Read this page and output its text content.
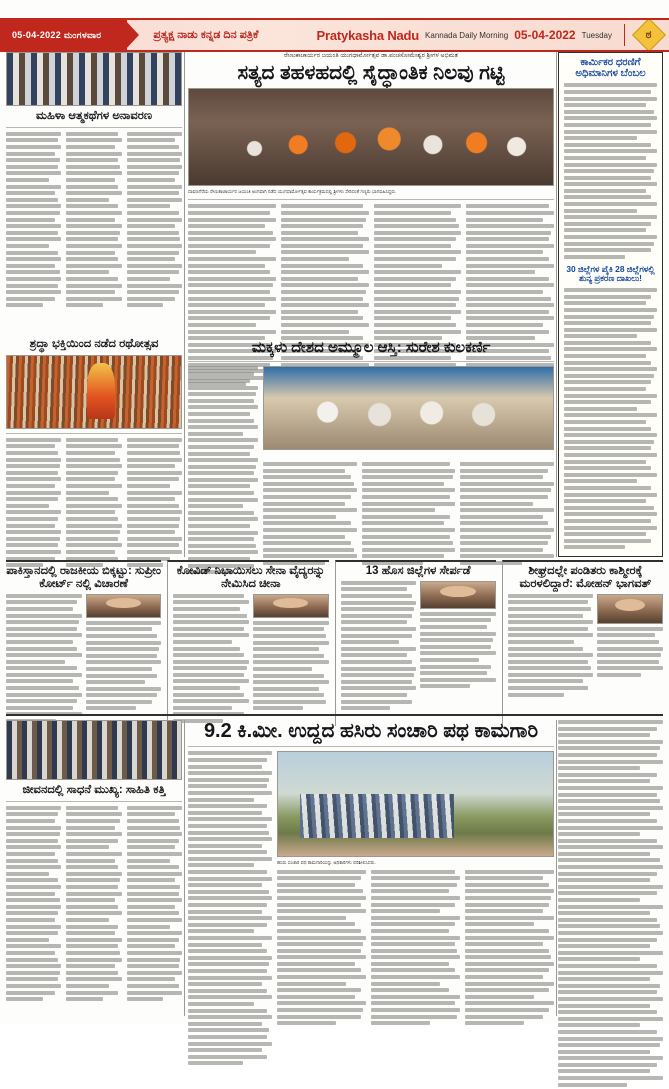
05-04-2022 ಮಂಗಳವಾರ	ಪ್ರತ್ಯಕ್ಷ ನಾಡು ಕನ್ನಡ ದಿನ ಪತ್ರಿಕೆ	Pratykasha Nadu Kannada Daily Morning 05-04-2022 Tuesday	ಠ
ಮಹಿಳಾ ಆತ್ಮಕಥೆಗಳ ಅನಾವರಣ
ಶ್ರದ್ಧಾ ಭಕ್ತಿಯಿಂದ ನಡೆದ ರಥೋತ್ಸವ
ರೇಣುಕಾಚಾರ್ಯರ ಜಯಂತಿ ಯುಗಧಾರ್ಮೋತ್ಸವ ಡಾ.ಪಂಚಸೋಮೇಶ್ವರ ಶ್ರೀಗಳ ಅಭಿಮತ
ಸತ್ಯದ ತಹಳಹದಲ್ಲಿ ಸೈದ್ಧಾಂತಿಕ ನಿಲವು ಗಟ್ಟಿ
ದಾವಣಗೆರೆಯ ರೇಣುಕಾಚಾರ್ಯರ ಜಯಂತಿ ಅಂಗವಾಗಿ ನಡೆದ ಯುಗಧಾರ್ಮೋತ್ಸವ ಕಾರ್ಯಕ್ರಮದಲ್ಲಿ ಶ್ರೀಗಳು ಸೇರಿದಂತೆ ಗಣ್ಯರು ಭಾಗವಹಿಸಿದ್ದರು.
ಮಕ್ಕಳು ದೇಶದ ಅಮ್ಮೂಲ ಆಸ್ತಿ: ಸುರೇಶ ಕುಲಕರ್ಣಿ

ಕಾರ್ಮಿಕರ ಧರಣಿಗೆ ಅಧಿಮಾನಿಗಳ ಬೆಂಬಲ
30 ಜಿಲ್ಲೆಗಳ ಪೈಕಿ 28 ಜಿಲ್ಲೆಗಳಲ್ಲಿ ಶುನ್ಯ ಪ್ರಕರಣ ದಾಖಲು!
ಪಾಕಿಸ್ತಾನದಲ್ಲಿ ರಾಜಕೀಯ ಬಿಕ್ಕಟ್ಟು: ಸುಪ್ರೀಂ ಕೋರ್ಟ್ ನಲ್ಲಿ ವಿಚಾರಣೆ
ಕೋವಿಡ್ ನಿಭಾಯಿಸಲು ಸೇನಾ ವೈದ್ಯರನ್ನು ನೇಮಿಸಿದ ಚೀನಾ
13 ಹೊಸ ಜಿಲ್ಲೆಗಳ ಸೇರ್ಪಡೆ	ಶೀಘ್ರದಲ್ಲೇ ಪಂಡಿತರು ಕಾಶ್ಮೀರಕ್ಕೆ ಮರಳಲಿದ್ದಾರೆ: ಮೋಹನ್ ಭಾಗವತ್
ಜೀವನದಲ್ಲಿ ಸಾಧನೆ ಮುಖ್ಯ: ಸಾಹಿತಿ ಕತ್ತಿ
9.2 ಕಿ.ಮೀ. ಉದ್ದದ ಹಸಿರು ಸಂಚಾರಿ ಪಥ ಕಾಮಗಾರಿ
ಹಸಿರು ಸಂಚಾರಿ ಪಥ ಕಾಮಗಾರಿಯನ್ನು ಅಧಿಕಾರಿಗಳು ಪರಿಶೀಲಿಸಿದರು.
